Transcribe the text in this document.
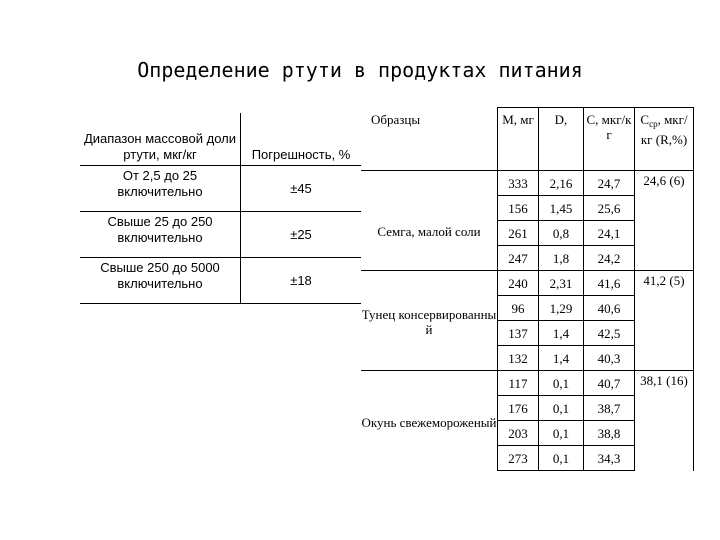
Определение ртути в продуктах питания
Диапазон массовой доли ртути, мкг/кг	Погрешность, %
От 2,5 до 25 включительно	±45
Свыше 25 до 250 включительно	±25
Свыше 250 до 5000 включительно	±18
Образцы	М, мг	D,	С, мкг/к г	$С_{ср}$, мкг/кг (R,%)
Семга, малой соли	333	2,16	24,7	24,6 (6)
	156	1,45	25,6	
	261	0,8	24,1	
	247	1,8	24,2	
Тунец консервированны й	240	2,31	41,6	41,2 (5)
	96	1,29	40,6	
	137	1,4	42,5	
	132	1,4	40,3	
Окунь свежемороженый	117	0,1	40,7	38,1 (16)
	176	0,1	38,7	
	203	0,1	38,8	
	273	0,1	34,3	
